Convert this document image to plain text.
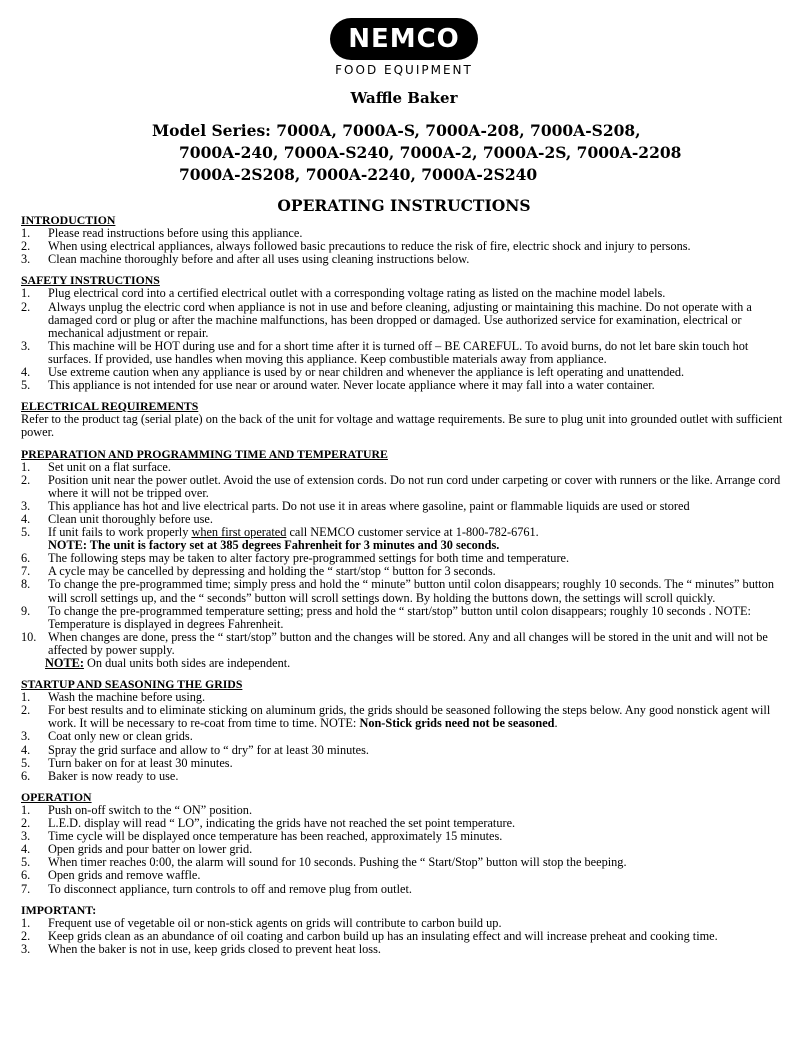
NEMCO
FOOD EQUIPMENT
Waffle Baker
Model Series: 7000A, 7000A-S, 7000A-208, 7000A-S208,
7000A-240, 7000A-S240, 7000A-2, 7000A-2S, 7000A-2208
7000A-2S208, 7000A-2240, 7000A-2S240
OPERATING INSTRUCTIONS
INTRODUCTION
1.	Please read instructions before using this appliance.
2.	When using electrical appliances, always followed basic precautions to reduce the risk of fire, electric shock and injury to persons.
3.	Clean machine thoroughly before and after all uses using cleaning instructions below.
SAFETY INSTRUCTIONS
1.	Plug electrical cord into a certified electrical outlet with a corresponding voltage rating as listed on the machine model labels.
2.	Always unplug the electric cord when appliance is not in use and before cleaning, adjusting or maintaining this machine. Do not operate with a damaged cord or plug or after the machine malfunctions, has been dropped or damaged. Use authorized service for examination, electrical or mechanical adjustment or repair.
3.	This machine will be HOT during use and for a short time after it is turned off – BE CAREFUL. To avoid burns, do not let bare skin touch hot surfaces. If provided, use handles when moving this appliance. Keep combustible materials away from appliance.
4.	Use extreme caution when any appliance is used by or near children and whenever the appliance is left operating and unattended.
5.	This appliance is not intended for use near or around water. Never locate appliance where it may fall into a water container.
ELECTRICAL REQUIREMENTS
Refer to the product tag (serial plate) on the back of the unit for voltage and wattage requirements. Be sure to plug unit into grounded outlet with sufficient power.
PREPARATION AND PROGRAMMING TIME AND TEMPERATURE
1.	Set unit on a flat surface.
2.	Position unit near the power outlet. Avoid the use of extension cords. Do not run cord under carpeting or cover with runners or the like. Arrange cord where it will not be tripped over.
3.	This appliance has hot and live electrical parts. Do not use it in areas where gasoline, paint or flammable liquids are used or stored
4.	Clean unit thoroughly before use.
5.	If unit fails to work properly when first operated call NEMCO customer service at 1-800-782-6761.
NOTE: The unit is factory set at 385 degrees Fahrenheit for 3 minutes and 30 seconds.
6.	The following steps may be taken to alter factory pre-programmed settings for both time and temperature.
7.	A cycle may be cancelled by depressing and holding the “ start/stop “ button for 3 seconds.
8.	To change the pre-programmed time; simply press and hold the “ minute” button until colon disappears; roughly 10 seconds. The “ minutes” button will scroll settings up, and the “ seconds” button will scroll settings down. By holding the buttons down, the settings will scroll quickly.
9.	To change the pre-programmed temperature setting; press and hold the “ start/stop” button until colon disappears; roughly 10 seconds . NOTE: Temperature is displayed in degrees Fahrenheit.
10. When changes are done, press the “ start/stop” button and the changes will be stored. Any and all changes will be stored in the unit and will not be affected by power supply.
NOTE: On dual units both sides are independent.
STARTUP AND SEASONING THE GRIDS
1.	Wash the machine before using.
2.	For best results and to eliminate sticking on aluminum grids, the grids should be seasoned following the steps below. Any good nonstick agent will work. It will be necessary to re-coat from time to time. NOTE: Non-Stick grids need not be seasoned.
3.	Coat only new or clean grids.
4.	Spray the grid surface and allow to “ dry” for at least 30 minutes.
5.	Turn baker on for at least 30 minutes.
6.	Baker is now ready to use.
OPERATION
1.	Push on-off switch to the “ ON” position.
2.	L.E.D. display will read “ LO”, indicating the grids have not reached the set point temperature.
3.	Time cycle will be displayed once temperature has been reached, approximately 15 minutes.
4.	Open grids and pour batter on lower grid.
5.	When timer reaches 0:00, the alarm will sound for 10 seconds. Pushing the “ Start/Stop” button will stop the beeping.
6.	Open grids and remove waffle.
7.	To disconnect appliance, turn controls to off and remove plug from outlet.
IMPORTANT:
1.	Frequent use of vegetable oil or non-stick agents on grids will contribute to carbon build up.
2.	Keep grids clean as an abundance of oil coating and carbon build up has an insulating effect and will increase preheat and cooking time.
3.	When the baker is not in use, keep grids closed to prevent heat loss.
